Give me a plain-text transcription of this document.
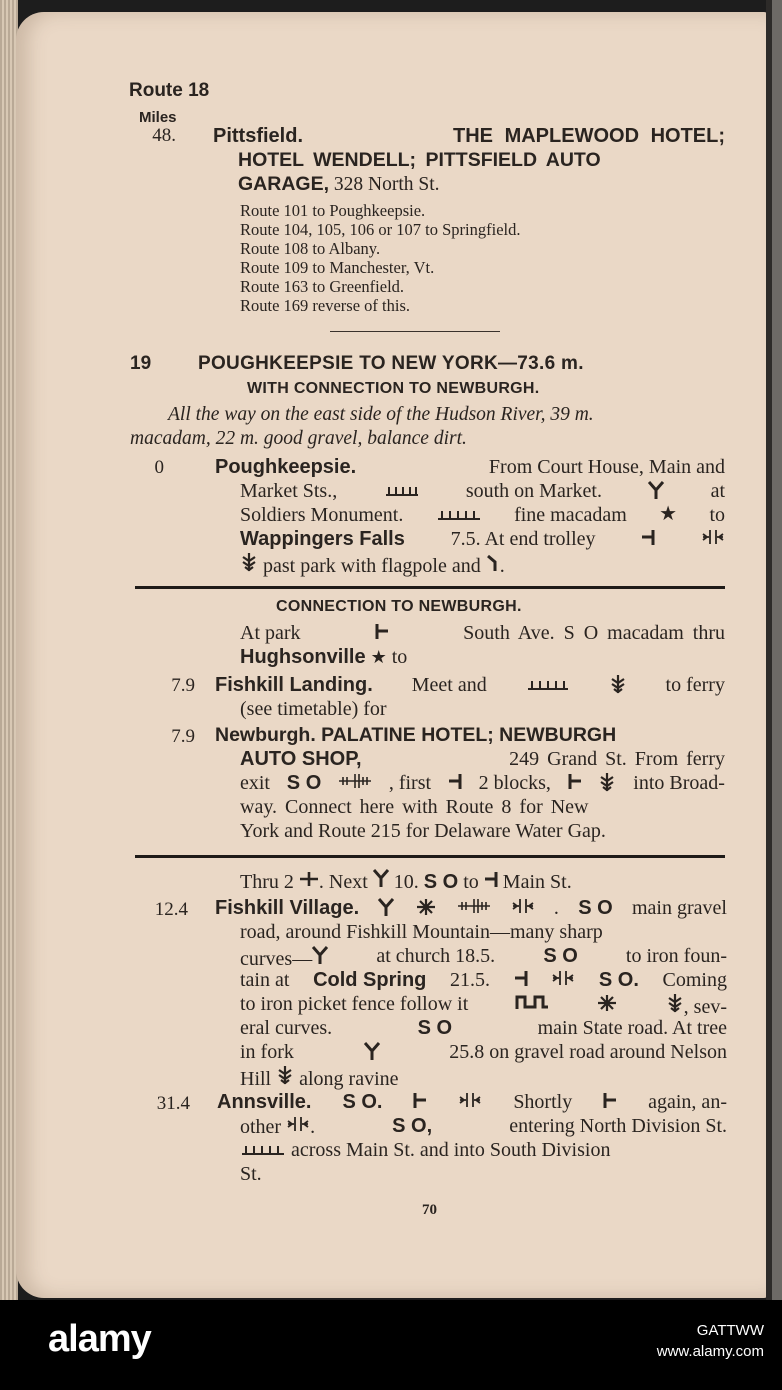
Route 18
Miles
48. Pittsfield.	THE MAPLEWOOD HOTEL;
HOTEL WENDELL; PITTSFIELD AUTO
GARAGE, 328 North St.
Route 101 to Poughkeepsie.
Route 104, 105, 106 or 107 to Springfield.
Route 108 to Albany.
Route 109 to Manchester, Vt.
Route 163 to Greenfield.
Route 169 reverse of this.
19 POUGHKEEPSIE TO NEW YORK—73.6 m.
WITH CONNECTION TO NEWBURGH.
All the way on the east side of the Hudson River, 39 m.
macadam, 22 m. good gravel, balance dirt.
0	Poughkeepsie.	From Court House, Main and
Market Sts.,	south on Market.	at
Soldiers Monument.	fine macadam ★ to
Wappingers Falls 7.5. At end trolley
past park with flagpole and .
CONNECTION TO NEWBURGH.
At park	South Ave. S O macadam thru
Hughsonville ★ to
7.9 Fishkill Landing. Meet and	to ferry
(see timetable) for
7.9 Newburgh. PALATINE HOTEL; NEWBURGH
AUTO SHOP,	249 Grand St. From ferry
exit S O	, first 2 blocks,	into Broad-
way. Connect here with Route 8 for New
York and Route 215 for Delaware Water Gap.
Thru 2 . Next 10. S O to Main St.
12.4 Fishkill Village.	. S O main gravel
road, around Fishkill Mountain—many sharp
curves—	at church 18.5. S O to iron foun-
tain at Cold Spring 21.5.	S O. Coming
to iron picket fence follow it	, sev-
eral curves.	S O	main State road. At tree
in fork	25.8 on gravel road around Nelson
Hill along ravine
31.4 Annsville. S O.	Shortly	again, an-
other .	S O,	entering North Division St.
across Main St. and into South Division
St.
70
alamy	GATTWW
www.alamy.com
